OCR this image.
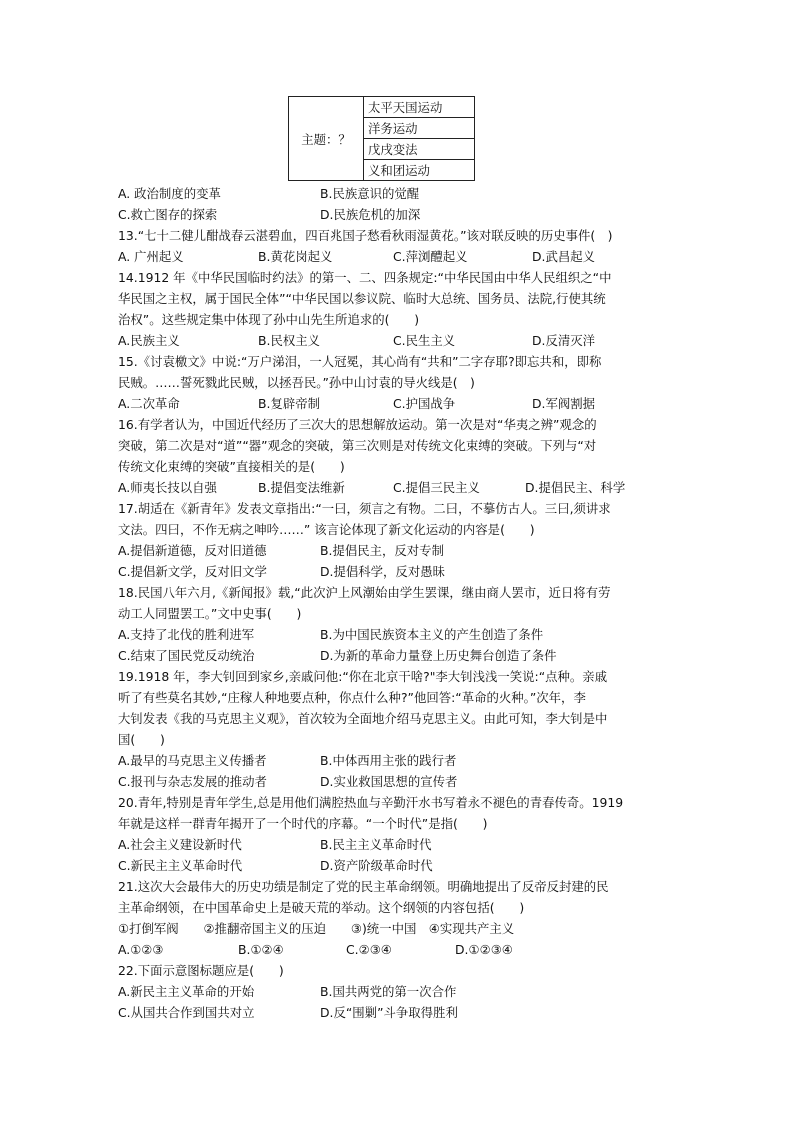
主题：？	太平天国运动
洋务运动
戊戌变法
义和团运动
A. 政治制度的变革	B.民族意识的觉醒
C.救亡图存的探索	D.民族危机的加深
13.“七十二健儿酣战春云湛碧血，四百兆国子愁看秋雨湿黄花。”该对联反映的历史事件(　)
A. 广州起义	B.黄花岗起义	C.萍浏醴起义	D.武昌起义
14.1912 年《中华民国临时约法》的第一、二、四条规定:“中华民国由中华人民组织之“中
华民国之主权，属于国民全体”“中华民国以参议院、临时大总统、国务员、法院,行使其统
治权”。这些规定集中体现了孙中山先生所追求的(　　)
A.民族主义	B.民权主义	C.民生主义	D.反清灭洋
15.《讨袁檄文》中说:“万户涕泪，一人冠冕，其心尚有“共和”二字存耶?即忘共和，即称
民贼。……誓死戮此民贼，以拯吾民。”孙中山讨袁的导火线是(　)
A.二次革命	B.复辟帝制	C.护国战争	D.军阀割据
16.有学者认为，中国近代经历了三次大的思想解放运动。第一次是对“华夷之辨”观念的
突破，第二次是对“道”“器”观念的突破，第三次则是对传统文化束缚的突破。下列与“对
传统文化束缚的突破”直接相关的是(　　)
A.师夷长技以自强	B.提倡变法维新	C.提倡三民主义	D.提倡民主、科学
17.胡适在《新青年》发表文章指出:“一曰，须言之有物。二曰，不摹仿古人。三曰,须讲求
文法。四曰，不作无病之呻吟……” 该言论体现了新文化运动的内容是(　　)
A.提倡新道德，反对旧道德	B.提倡民主，反对专制
C.提倡新文学，反对旧文学	D.提倡科学，反对愚昧
18.民国八年六月,《新闻报》载,“此次沪上风潮始由学生罢课，继由商人罢市，近日将有劳
动工人同盟罢工。”文中史事(　　)
A.支持了北伐的胜利进军	B.为中国民族资本主义的产生创造了条件
C.结束了国民党反动统治	D.为新的革命力量登上历史舞台创造了条件
19.1918 年，李大钊回到家乡,亲戚问他:“你在北京干啥?"李大钊浅浅一笑说:“点种。亲戚
听了有些莫名其妙,“庄稼人种地要点种，你点什么种?”他回答:“革命的火种。”次年，李
大钊发表《我的马克思主义观》，首次较为全面地介绍马克思主义。由此可知，李大钊是中
国(　　)
A.最早的马克思主义传播者	B.中体西用主张的践行者
C.报刊与杂志发展的推动者	D.实业救国思想的宣传者
20.青年,特别是青年学生,总是用他们满腔热血与辛勤汗水书写着永不褪色的青春传奇。1919
年就是这样一群青年揭开了一个时代的序幕。“一个时代”是指(　　)
A.社会主义建设新时代	B.民主主义革命时代
C.新民主主义革命时代	D.资产阶级革命时代
21.这次大会最伟大的历史功绩是制定了党的民主革命纲领。明确地提出了反帝反封建的民
主革命纲领，在中国革命史上是破天荒的举动。这个纲领的内容包括(　　)
①打倒军阀　　②推翻帝国主义的压迫　　③)统一中国　④实现共产主义
A.①②③	B.①②④	C.②③④	D.①②③④
22.下面示意图标题应是(　　)
A.新民主主义革命的开始	B.国共两党的第一次合作
C.从国共合作到国共对立	D.反“围剿”斗争取得胜利
